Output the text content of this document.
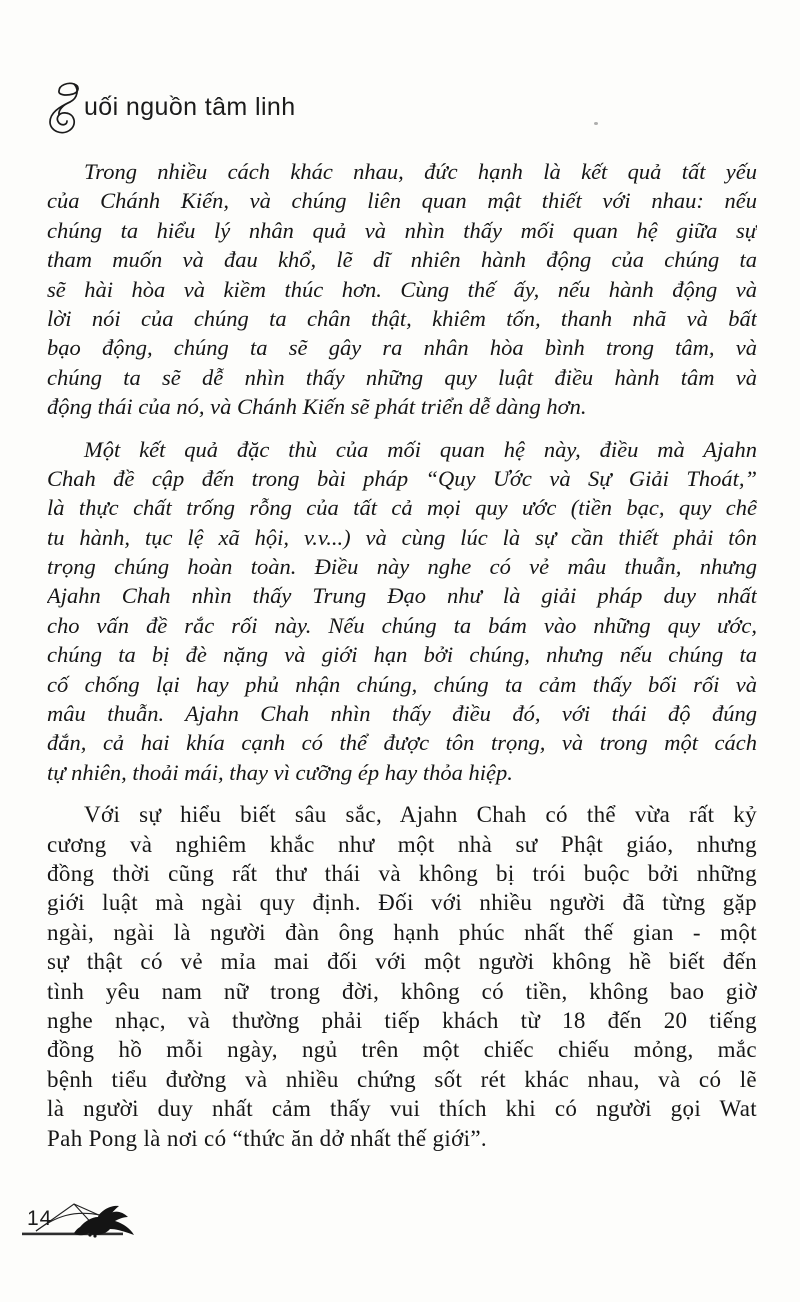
uối nguồn tâm linh
Trong nhiều cách khác nhau, đức hạnh là kết quả tất yếu
của Chánh Kiến, và chúng liên quan mật thiết với nhau: nếu
chúng ta hiểu lý nhân quả và nhìn thấy mối quan hệ giữa sự
tham muốn và đau khổ, lẽ dĩ nhiên hành động của chúng ta
sẽ hài hòa và kiềm thúc hơn. Cùng thế ấy, nếu hành động và
lời nói của chúng ta chân thật, khiêm tốn, thanh nhã và bất
bạo động, chúng ta sẽ gây ra nhân hòa bình trong tâm, và
chúng ta sẽ dễ nhìn thấy những quy luật điều hành tâm và
động thái của nó, và Chánh Kiến sẽ phát triển dễ dàng hơn.
Một kết quả đặc thù của mối quan hệ này, điều mà Ajahn
Chah đề cập đến trong bài pháp “Quy Ước và Sự Giải Thoát,”
là thực chất trống rỗng của tất cả mọi quy ước (tiền bạc, quy chế
tu hành, tục lệ xã hội, v.v...) và cùng lúc là sự cần thiết phải tôn
trọng chúng hoàn toàn. Điều này nghe có vẻ mâu thuẫn, nhưng
Ajahn Chah nhìn thấy Trung Đạo như là giải pháp duy nhất
cho vấn đề rắc rối này. Nếu chúng ta bám vào những quy ước,
chúng ta bị đè nặng và giới hạn bởi chúng, nhưng nếu chúng ta
cố chống lại hay phủ nhận chúng, chúng ta cảm thấy bối rối và
mâu thuẫn. Ajahn Chah nhìn thấy điều đó, với thái độ đúng
đắn, cả hai khía cạnh có thể được tôn trọng, và trong một cách
tự nhiên, thoải mái, thay vì cưỡng ép hay thỏa hiệp.
Với sự hiểu biết sâu sắc, Ajahn Chah có thể vừa rất kỷ
cương và nghiêm khắc như một nhà sư Phật giáo, nhưng
đồng thời cũng rất thư thái và không bị trói buộc bởi những
giới luật mà ngài quy định. Đối với nhiều người đã từng gặp
ngài, ngài là người đàn ông hạnh phúc nhất thế gian - một
sự thật có vẻ mỉa mai đối với một người không hề biết đến
tình yêu nam nữ trong đời, không có tiền, không bao giờ
nghe nhạc, và thường phải tiếp khách từ 18 đến 20 tiếng
đồng hồ mỗi ngày, ngủ trên một chiếc chiếu mỏng, mắc
bệnh tiểu đường và nhiều chứng sốt rét khác nhau, và có lẽ
là người duy nhất cảm thấy vui thích khi có người gọi Wat
Pah Pong là nơi có “thức ăn dở nhất thế giới”.
14
